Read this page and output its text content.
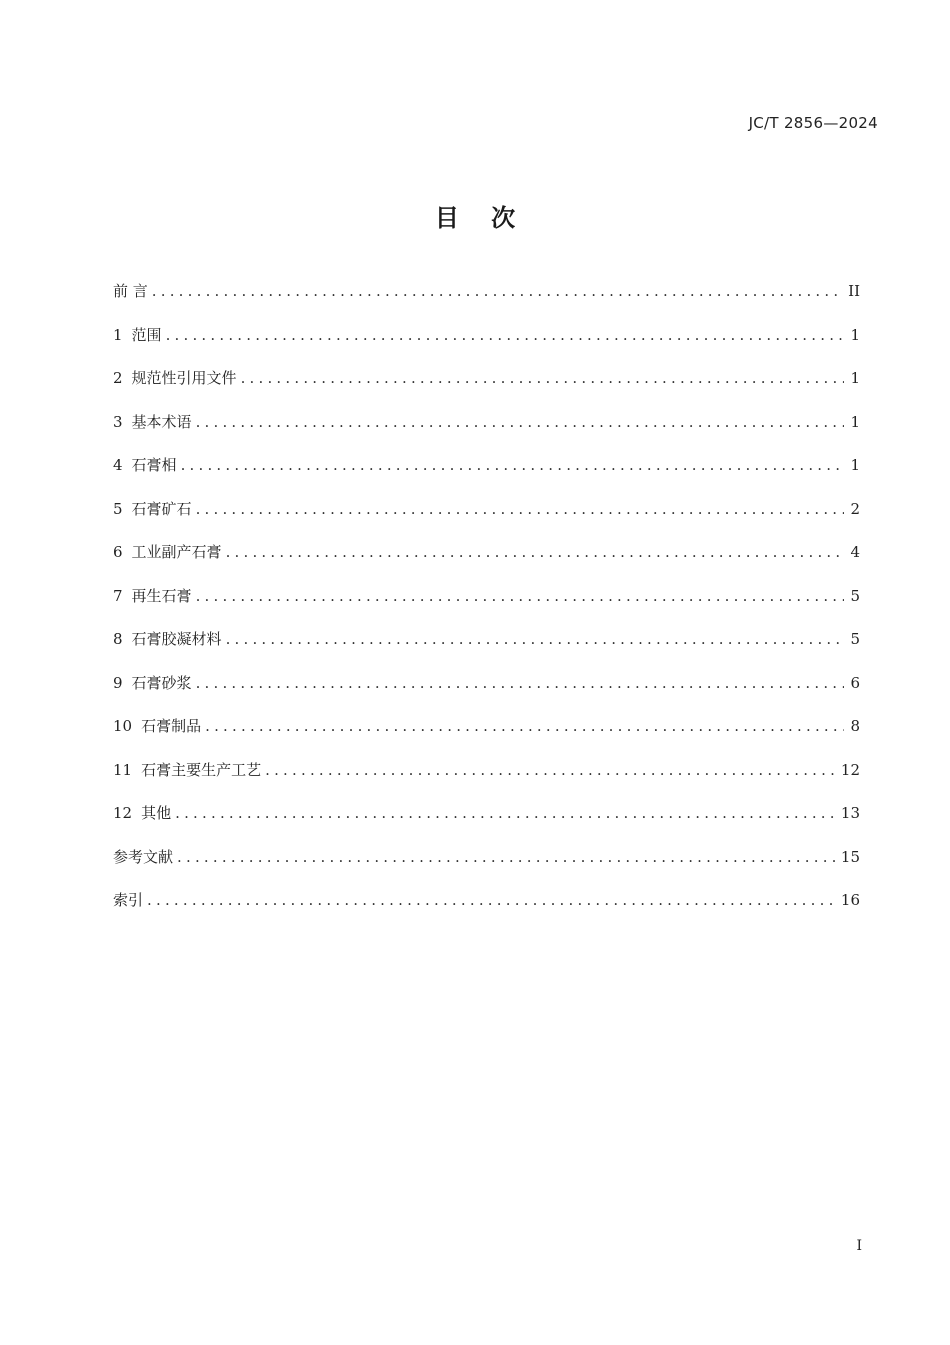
JC/T 2856—2024
目 次
前 言 .....	II
1 范围 .....	1
2 规范性引用文件 .....	1
3 基本术语 .....	1
4 石膏相 .....	1
5 石膏矿石 .....	2
6 工业副产石膏 .....	4
7 再生石膏 .....	5
8 石膏胶凝材料 .....	5
9 石膏砂浆 .....	6
10 石膏制品 .....	8
11 石膏主要生产工艺 .....	12
12 其他 .....	13
参考文献 .....	15
索引 .....	16
I
